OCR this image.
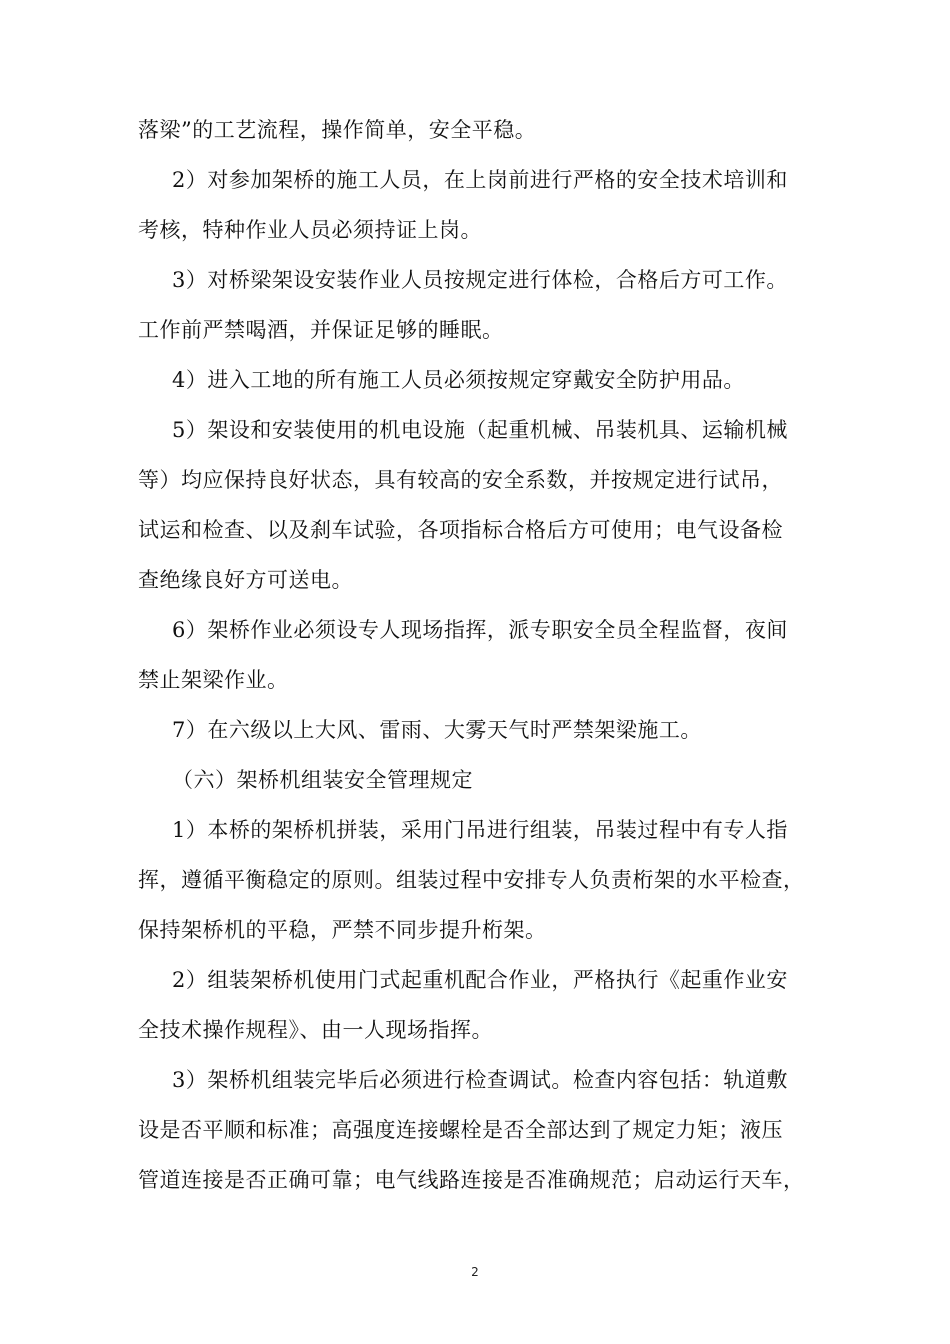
落梁”的工艺流程，操作简单，安全平稳。
2）对参加架桥的施工人员，在上岗前进行严格的安全技术培训和
考核，特种作业人员必须持证上岗。
3）对桥梁架设安装作业人员按规定进行体检，合格后方可工作。
工作前严禁喝酒，并保证足够的睡眠。
4）进入工地的所有施工人员必须按规定穿戴安全防护用品。
5）架设和安装使用的机电设施（起重机械、吊装机具、运输机械
等）均应保持良好状态，具有较高的安全系数，并按规定进行试吊，
试运和检查、以及刹车试验，各项指标合格后方可使用；电气设备检
查绝缘良好方可送电。
6）架桥作业必须设专人现场指挥，派专职安全员全程监督，夜间
禁止架梁作业。
7）在六级以上大风、雷雨、大雾天气时严禁架梁施工。
（六）架桥机组装安全管理规定
1）本桥的架桥机拼装，采用门吊进行组装，吊装过程中有专人指
挥，遵循平衡稳定的原则。组装过程中安排专人负责桁架的水平检查，
保持架桥机的平稳，严禁不同步提升桁架。
2）组装架桥机使用门式起重机配合作业，严格执行《起重作业安
全技术操作规程》、由一人现场指挥。
3）架桥机组装完毕后必须进行检查调试。检查内容包括：轨道敷
设是否平顺和标准；高强度连接螺栓是否全部达到了规定力矩；液压
管道连接是否正确可靠；电气线路连接是否准确规范；启动运行天车，
2
